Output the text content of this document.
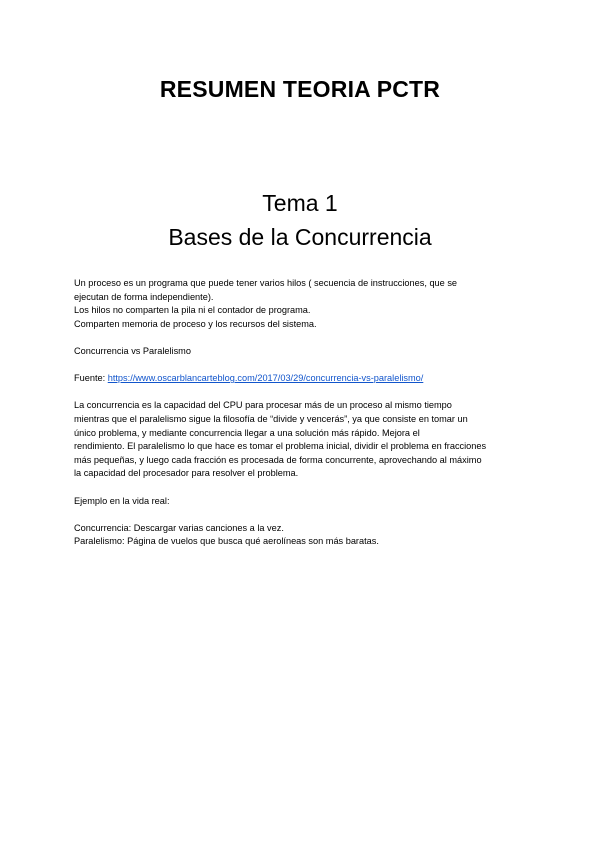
RESUMEN TEORIA PCTR
Tema 1
Bases de la Concurrencia

Un proceso es un programa que puede tener varios hilos ( secuencia de instrucciones, que se

ejecutan de forma independiente).

Los hilos no comparten la pila ni el contador de programa.

Comparten memoria de proceso y los recursos del sistema.

Concurrencia vs Paralelismo

Fuente: https://www.oscarblancarteblog.com/2017/03/29/concurrencia-vs-paralelismo/

La concurrencia es la capacidad del CPU para procesar más de un proceso al mismo tiempo

mientras que el paralelismo sigue la filosofía de “divide y vencerás”, ya que consiste en tomar un

único problema, y mediante concurrencia llegar a una solución más rápido. Mejora el

rendimiento. El paralelismo lo que hace es tomar el problema inicial, dividir el problema en fracciones

más pequeñas, y luego cada fracción es procesada de forma concurrente, aprovechando al máximo

la capacidad del procesador para resolver el problema.

Ejemplo en la vida real:

Concurrencia: Descargar varias canciones a la vez.

Paralelismo: Página de vuelos que busca qué aerolíneas son más baratas.
